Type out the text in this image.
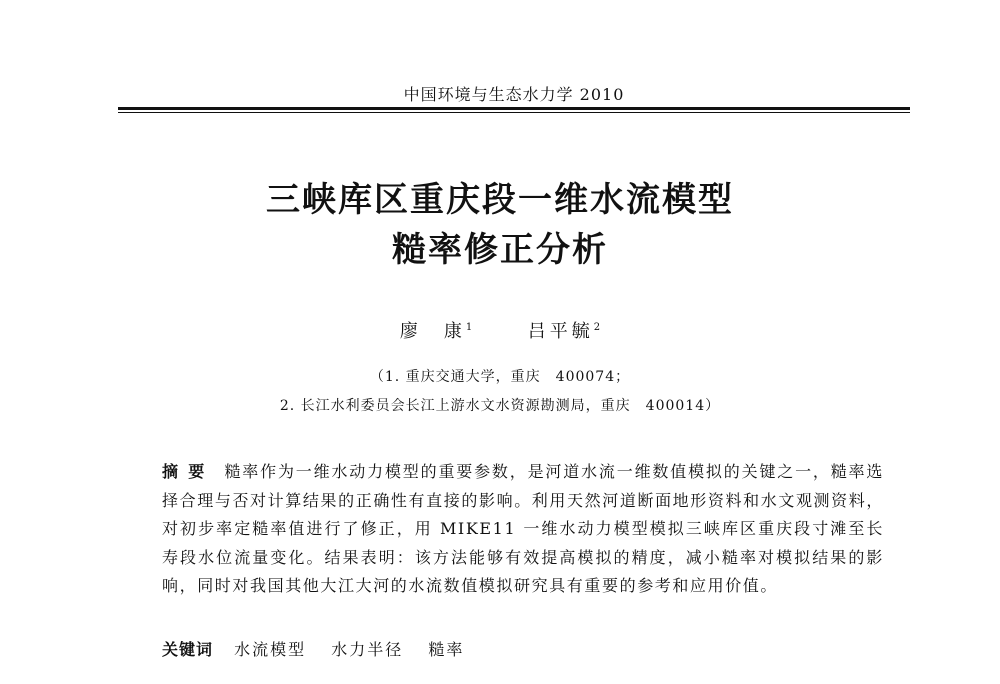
中国环境与生态水力学 2010
三峡库区重庆段一维水流模型
糙率修正分析
廖　康$^1$	吕平毓$^2$
（1. 重庆交通大学，重庆　400074；
2. 长江水利委员会长江上游水文水资源勘测局，重庆　400014）
摘要 糙率作为一维水动力模型的重要参数，是河道水流一维数值模拟的关键之一，糙率选择合理与否对计算结果的正确性有直接的影响。利用天然河道断面地形资料和水文观测资料，对初步率定糙率值进行了修正，用 MIKE11 一维水动力模型模拟三峡库区重庆段寸滩至长寿段水位流量变化。结果表明：该方法能够有效提高模拟的精度，减小糙率对模拟结果的影响，同时对我国其他大江大河的水流数值模拟研究具有重要的参考和应用价值。
关键词 水流模型 水力半径 糙率
